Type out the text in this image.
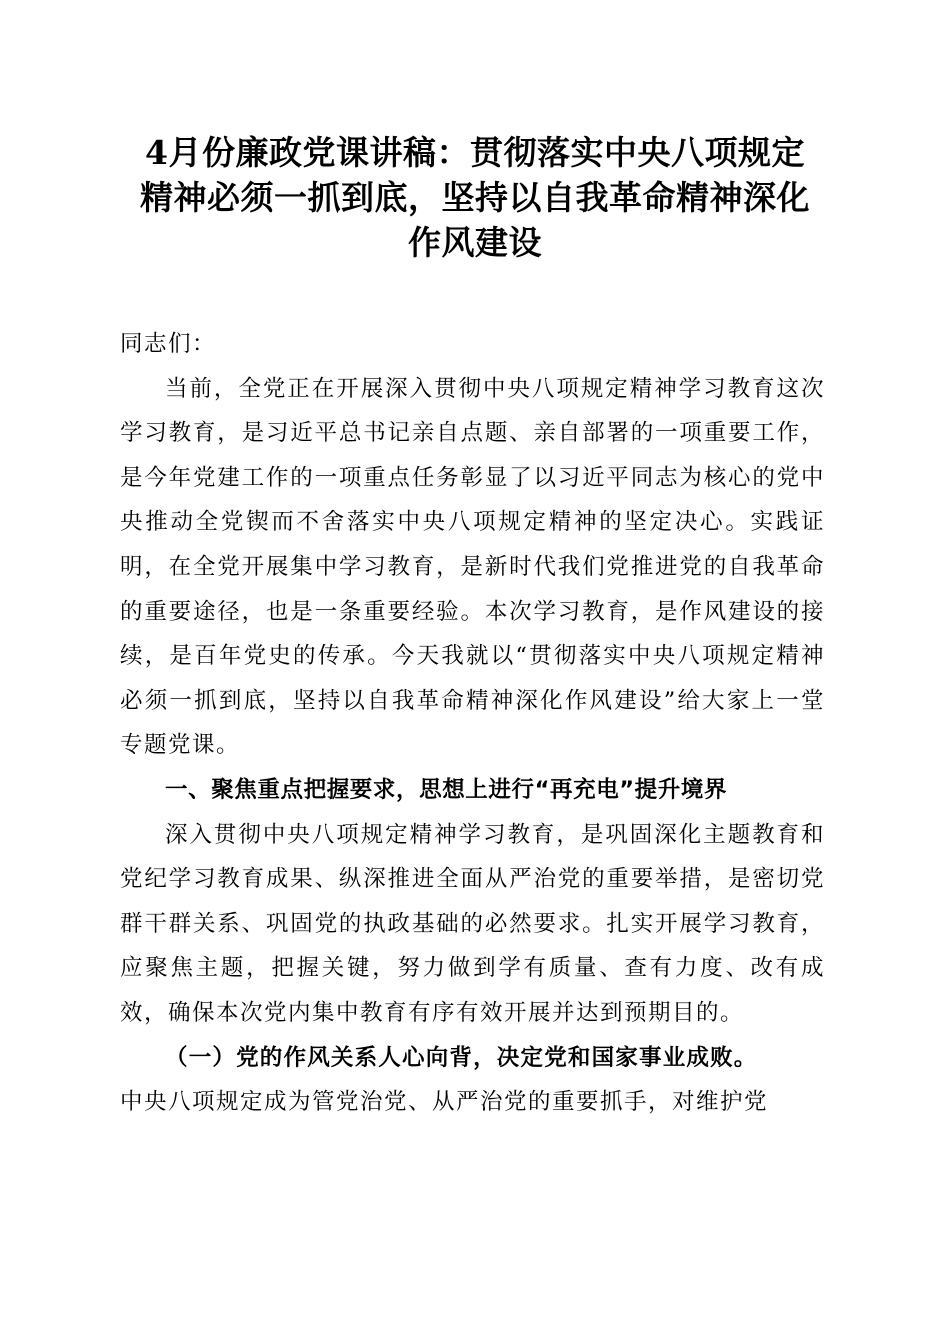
4月份廉政党课讲稿：贯彻落实中央八项规定
精神必须一抓到底，坚持以自我革命精神深化
作风建设

同志们：

当前，全党正在开展深入贯彻中央八项规定精神学习教育这次学习教育，是习近平总书记亲自点题、亲自部署的一项重要工作，是今年党建工作的一项重点任务彰显了以习近平同志为核心的党中央推动全党锲而不舍落实中央八项规定精神的坚定决心。实践证明，在全党开展集中学习教育，是新时代我们党推进党的自我革命的重要途径，也是一条重要经验。本次学习教育，是作风建设的接续，是百年党史的传承。今天我就以“贯彻落实中央八项规定精神必须一抓到底，坚持以自我革命精神深化作风建设”给大家上一堂专题党课。

一、聚焦重点把握要求，思想上进行“再充电”提升境界

深入贯彻中央八项规定精神学习教育，是巩固深化主题教育和党纪学习教育成果、纵深推进全面从严治党的重要举措，是密切党群干群关系、巩固党的执政基础的必然要求。扎实开展学习教育，应聚焦主题，把握关键，努力做到学有质量、查有力度、改有成效，确保本次党内集中教育有序有效开展并达到预期目的。

（一）党的作风关系人心向背，决定党和国家事业成败。

中央八项规定成为管党治党、从严治党的重要抓手，对维护党
